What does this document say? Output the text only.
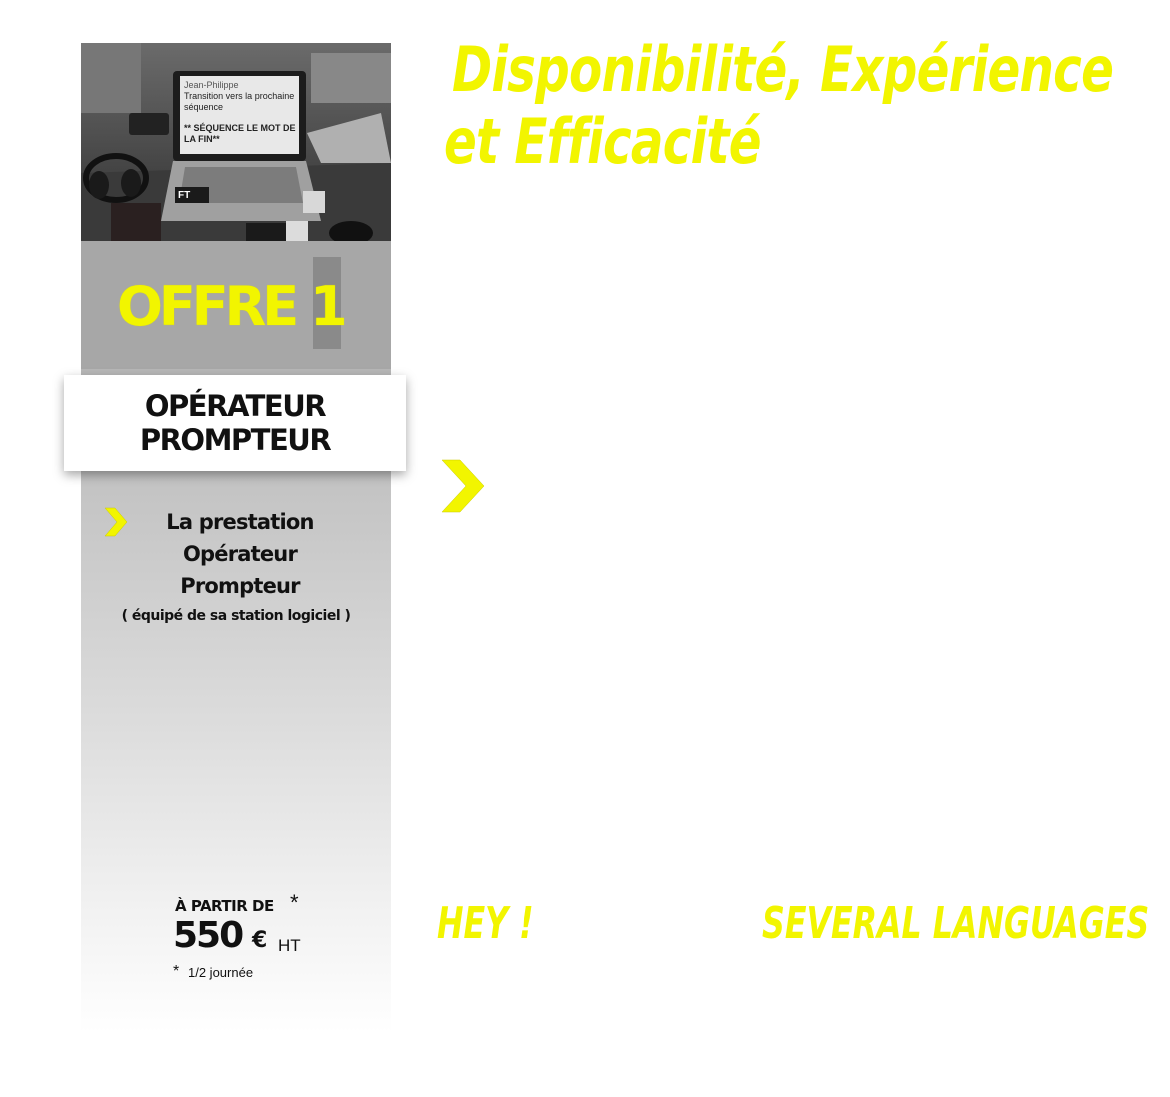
Jean-Philippe
Transition vers la prochaine
séquence
** SÉQUENCE LE MOT DE
LA FIN**
FT
OFFRE 1
OPÉRATEUR
PROMPTEUR
La prestation
Opérateur
Prompteur
( équipé de sa station logiciel )
À PARTIR DE *
550 € HT
* 1/2 journée
Disponibilité, Expérience
et Efficacité
HEY !	SEVERAL LANGUAGES
